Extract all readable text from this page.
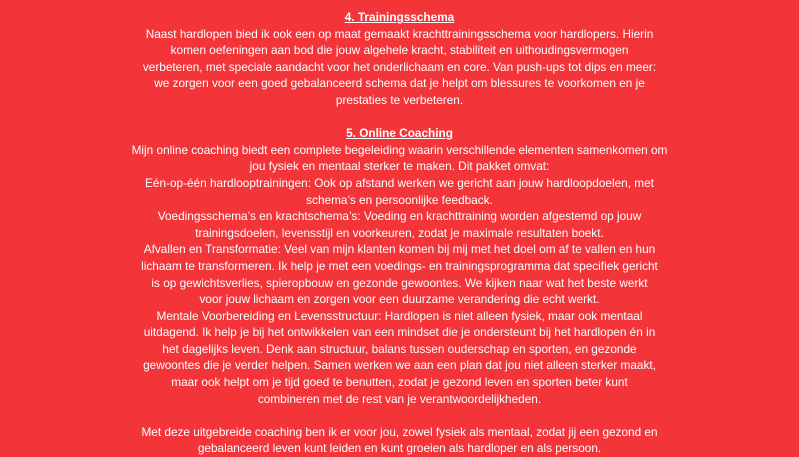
4. Trainingsschema
Naast hardlopen bied ik ook een op maat gemaakt krachttrainingsschema voor hardlopers. Hierin komen oefeningen aan bod die jouw algehele kracht, stabiliteit en uithoudingsvermogen verbeteren, met speciale aandacht voor het onderlichaam en core. Van push-ups tot dips en meer: we zorgen voor een goed gebalanceerd schema dat je helpt om blessures te voorkomen en je prestaties te verbeteren.
5. Online Coaching
Mijn online coaching biedt een complete begeleiding waarin verschillende elementen samenkomen om jou fysiek en mentaal sterker te maken. Dit pakket omvat:
Eén-op-één hardlooptrainingen: Ook op afstand werken we gericht aan jouw hardloopdoelen, met schema’s en persoonlijke feedback.
Voedingsschema’s en krachtschema’s: Voeding en krachttraining worden afgestemd op jouw trainingsdoelen, levensstijl en voorkeuren, zodat je maximale resultaten boekt.
Afvallen en Transformatie: Veel van mijn klanten komen bij mij met het doel om af te vallen en hun lichaam te transformeren. Ik help je met een voedings- en trainingsprogramma dat specifiek gericht is op gewichtsverlies, spieropbouw en gezonde gewoontes. We kijken naar wat het beste werkt voor jouw lichaam en zorgen voor een duurzame verandering die echt werkt.
Mentale Voorbereiding en Levensstructuur: Hardlopen is niet alleen fysiek, maar ook mentaal uitdagend. Ik help je bij het ontwikkelen van een mindset die je ondersteunt bij het hardlopen én in het dagelijks leven. Denk aan structuur, balans tussen ouderschap en sporten, en gezonde gewoontes die je verder helpen. Samen werken we aan een plan dat jou niet alleen sterker maakt, maar ook helpt om je tijd goed te benutten, zodat je gezond leven en sporten beter kunt combineren met de rest van je verantwoordelijkheden.
Met deze uitgebreide coaching ben ik er voor jou, zowel fysiek als mentaal, zodat jij een gezond en gebalanceerd leven kunt leiden en kunt groeien als hardloper en als persoon.
